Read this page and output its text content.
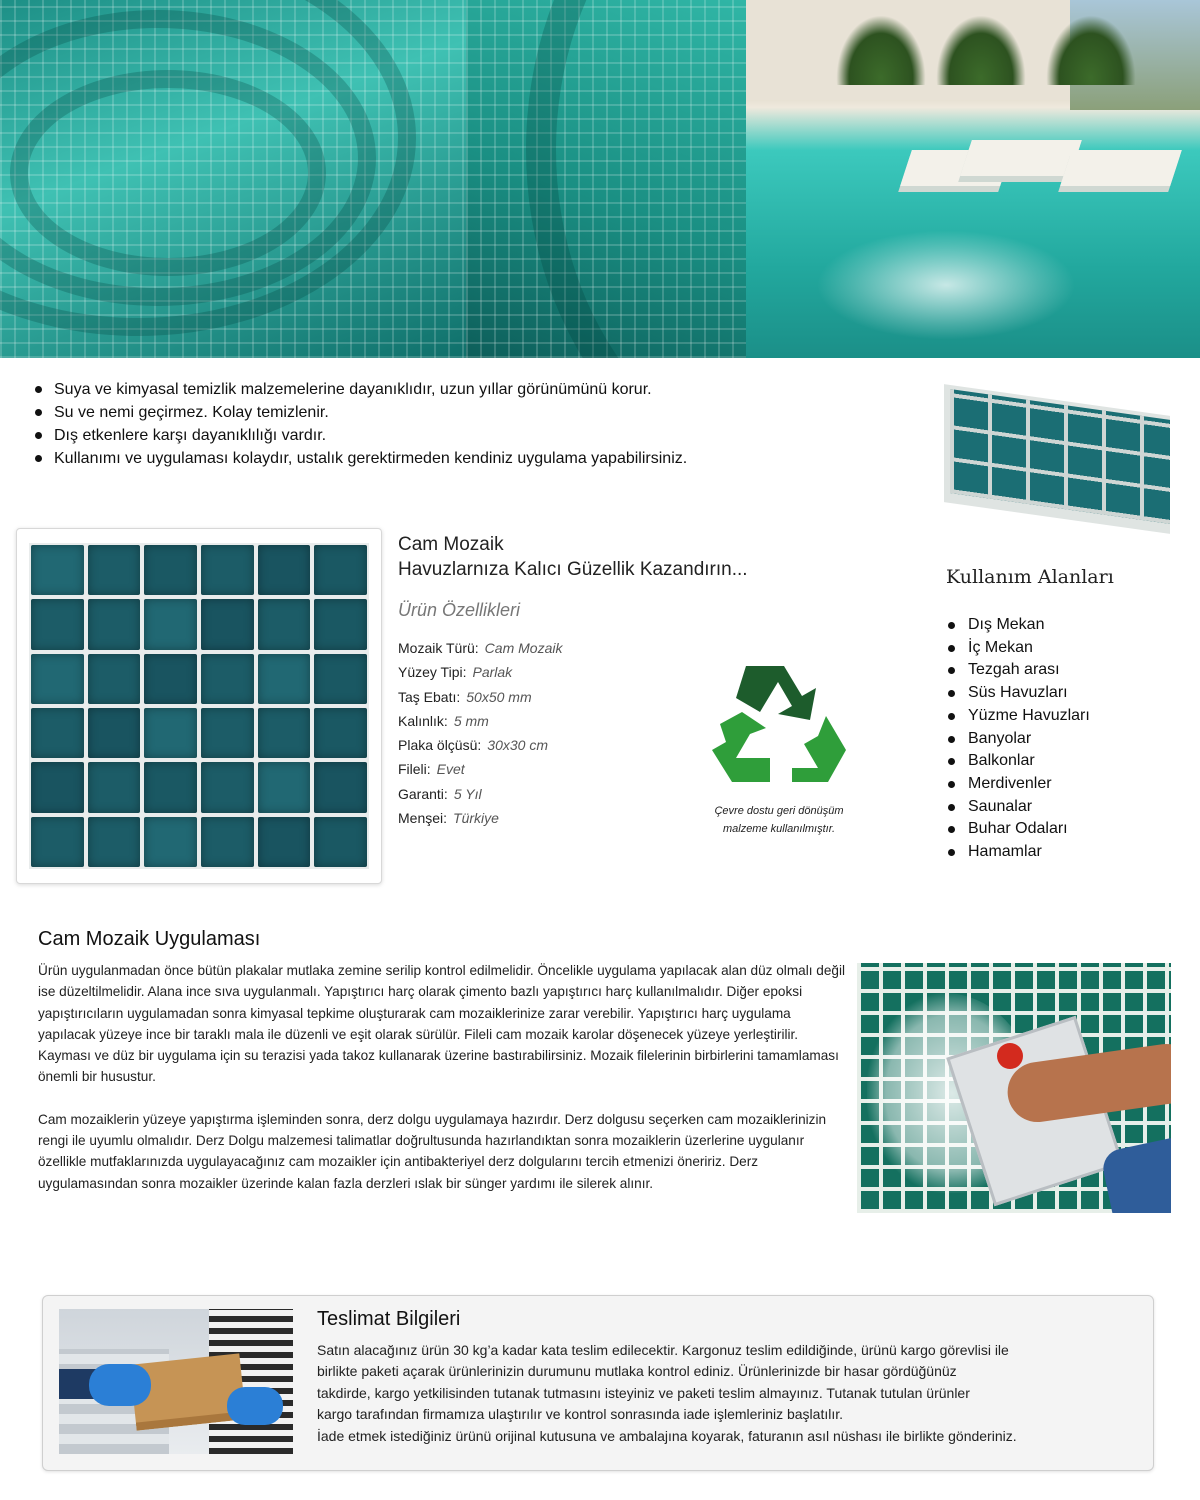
Suya ve kimyasal temizlik malzemelerine dayanıklıdır, uzun yıllar görünümünü korur.
Su ve nemi geçirmez. Kolay temizlenir.
Dış etkenlere karşı dayanıklılığı vardır.
Kullanımı ve uygulaması kolaydır, ustalık gerektirmeden kendiniz uygulama yapabilirsiniz.
Cam Mozaik
Havuzlarnıza Kalıcı Güzellik Kazandırın...
Ürün Özellikleri
Mozaik Türü: Cam Mozaik
Yüzey Tipi: Parlak
Taş Ebatı: 50x50 mm
Kalınlık: 5 mm
Plaka ölçüsü: 30x30 cm
Fileli: Evet
Garanti: 5 Yıl
Menşei: Türkiye	Çevre dostu geri dönüşüm
malzeme kullanılmıştır.
Kullanım Alanları
Dış Mekan
İç Mekan
Tezgah arası
Süs Havuzları
Yüzme Havuzları
Banyolar
Balkonlar
Merdivenler
Saunalar
Buhar Odaları
Hamamlar
Cam Mozaik Uygulaması

Ürün uygulanmadan önce bütün plakalar mutlaka zemine serilip kontrol edilmelidir. Öncelikle uygulama yapılacak alan düz olmalı değil ise düzeltilmelidir. Alana ince sıva uygulanmalı. Yapıştırıcı harç olarak çimento bazlı yapıştırıcı harç kullanılmalıdır. Diğer epoksi yapıştırıcıların uygulamadan sonra kimyasal tepkime oluşturarak cam mozaiklerinize zarar verebilir. Yapıştırıcı harç uygulama yapılacak yüzeye ince bir taraklı mala ile düzenli ve eşit olarak sürülür. Fileli cam mozaik karolar döşenecek yüzeye yerleştirilir. Kayması ve düz bir uygulama için su terazisi yada takoz kullanarak üzerine bastırabilirsiniz. Mozaik filelerinin birbirlerini tamamlaması önemli bir husustur.

Cam mozaiklerin yüzeye yapıştırma işleminden sonra, derz dolgu uygulamaya hazırdır. Derz dolgusu seçerken cam mozaiklerinizin rengi ile uyumlu olmalıdır. Derz Dolgu malzemesi talimatlar doğrultusunda hazırlandıktan sonra mozaiklerin üzerlerine uygulanır özellikle mutfaklarınızda uygulayacağınız cam mozaikler için antibakteriyel derz dolgularını tercih etmenizi öneririz. Derz uygulamasından sonra mozaikler üzerinde kalan fazla derzleri ıslak bir sünger yardımı ile silerek alınır.

Teslimat Bilgileri
Satın alacağınız ürün 30 kg’a kadar kata teslim edilecektir. Kargonuz teslim edildiğinde, ürünü kargo görevlisi ile
birlikte paketi açarak ürünlerinizin durumunu mutlaka kontrol ediniz. Ürünlerinizde bir hasar gördüğünüz
takdirde, kargo yetkilisinden tutanak tutmasını isteyiniz ve paketi teslim almayınız. Tutanak tutulan ürünler
kargo tarafından firmamıza ulaştırılır ve kontrol sonrasında iade işlemleriniz başlatılır.
İade etmek istediğiniz ürünü orijinal kutusuna ve ambalajına koyarak, faturanın asıl nüshası ile birlikte gönderiniz.
